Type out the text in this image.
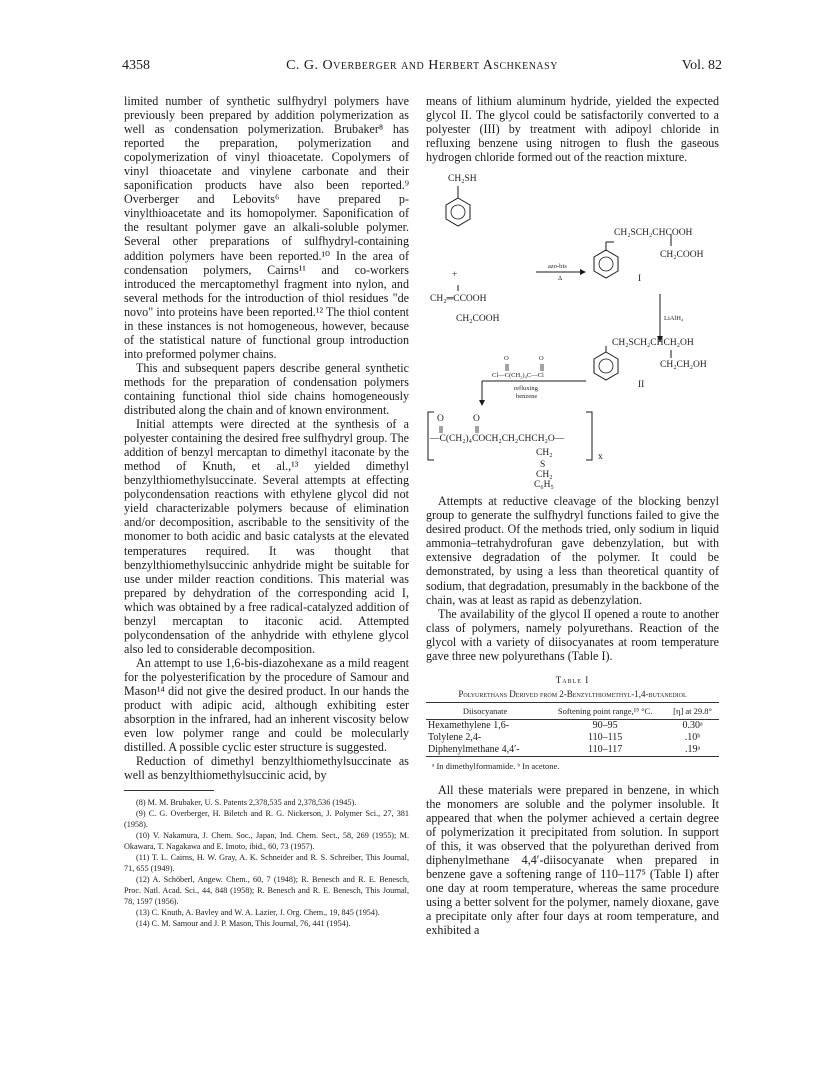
4358	C. G. Overberger and Herbert Aschkenasy	Vol. 82

limited number of synthetic sulfhydryl polymers have previously been prepared by addition polymerization as well as condensation polymerization. Brubaker⁸ has reported the preparation, polymerization and copolymerization of vinyl thioacetate. Copolymers of vinyl thioacetate and vinylene carbonate and their saponification products have also been reported.⁹ Overberger and Lebovits⁶ have prepared p-vinylthioacetate and its homopolymer. Saponification of the resultant polymer gave an alkali-soluble polymer. Several other preparations of sulfhydryl-containing addition polymers have been reported.¹⁰ In the area of condensation polymers, Cairns¹¹ and co-workers introduced the mercaptomethyl fragment into nylon, and several methods for the introduction of thiol residues "de novo" into proteins have been reported.¹² The thiol content in these instances is not homogeneous, however, because of the statistical nature of functional group introduction into preformed polymer chains.

This and subsequent papers describe general synthetic methods for the preparation of condensation polymers containing functional thiol side chains homogeneously distributed along the chain and of known environment.

Initial attempts were directed at the synthesis of a polyester containing the desired free sulfhydryl group. The addition of benzyl mercaptan to dimethyl itaconate by the method of Knuth, et al.,¹³ yielded dimethyl benzylthiomethylsuccinate. Several attempts at effecting polycondensation reactions with ethylene glycol did not yield characterizable polymers because of elimination and/or decomposition, ascribable to the sensitivity of the monomer to both acidic and basic catalysts at the elevated temperatures required. It was thought that benzylthiomethylsuccinic anhydride might be suitable for use under milder reaction conditions. This material was prepared by dehydration of the corresponding acid I, which was obtained by a free radical-catalyzed addition of benzyl mercaptan to itaconic acid. Attempted polycondensation of the anhydride with ethylene glycol also led to considerable decomposition.

An attempt to use 1,6-bis-diazohexane as a mild reagent for the polyesterification by the procedure of Samour and Mason¹⁴ did not give the desired product. In our hands the product with adipic acid, although exhibiting ester absorption in the infrared, had an inherent viscosity below even low polymer range and could be molecularly distilled. A possible cyclic ester structure is suggested.

Reduction of dimethyl benzylthiomethylsuccinate as well as benzylthiomethylsuccinic acid, by

(8) M. M. Brubaker, U. S. Patents 2,378,535 and 2,378,536 (1945).

(9) C. G. Overberger, H. Biletch and R. G. Nickerson, J. Polymer Sci., 27, 381 (1958).

(10) V. Nakamura, J. Chem. Soc., Japan, Ind. Chem. Sect., 58, 269 (1955); M. Okawara, T. Nagakawa and E. Imoto, ibid., 60, 73 (1957).

(11) T. L. Cairns, H. W. Gray, A. K. Schneider and R. S. Schreiber, This Journal, 71, 655 (1949).

(12) A. Schöberl, Angew. Chem., 60, 7 (1948); R. Benesch and R. E. Benesch, Proc. Natl. Acad. Sci., 44, 848 (1958); R. Benesch and R. E. Benesch, This Journal, 78, 1597 (1956).

(13) C. Knuth, A. Bavley and W. A. Lazier, J. Org. Chem., 19, 845 (1954).

(14) C. M. Samour and J. P. Mason, This Journal, 76, 441 (1954).

means of lithium aluminum hydride, yielded the expected glycol II. The glycol could be satisfactorily converted to a polyester (III) by treatment with adipoyl chloride in refluxing benzene using nitrogen to flush the gaseous hydrogen chloride formed out of the reaction mixture.

CH₂SH
+
CH₂═CCOOH
CH₂COOH
azo-bis
Δ
CH₂SCH₂CHCOOH
CH₂COOH
I
LiAlH₄
CH₂SCH₂CHCH₂OH
CH₂CH₂OH
II
O	O
Cl—C(CH₂)₄C—Cl
refluxing
benzene
O	O
—C(CH₂)₄COCH₂CH₂CHCH₂O—
CH₂	x
S
CH₂
C₆H₅

Attempts at reductive cleavage of the blocking benzyl group to generate the sulfhydryl functions failed to give the desired product. Of the methods tried, only sodium in liquid ammonia–tetrahydrofuran gave debenzylation, but with extensive degradation of the polymer. It could be demonstrated, by using a less than theoretical quantity of sodium, that degradation, presumably in the backbone of the chain, was at least as rapid as debenzylation.

The availability of the glycol II opened a route to another class of polymers, namely polyurethans. Reaction of the glycol with a variety of diisocyanates at room temperature gave three new polyurethans (Table I).

Table I
Polyurethans Derived from 2-Benzylthiomethyl-1,4-butanediol
Diisocyanate	Softening point range,¹⁵ °C.	[η] at 29.8°
Hexamethylene 1,6-	90–95	0.30ᵃ
Tolylene 2,4-	110–115	.10ᵇ
Diphenylmethane 4,4′-	110–117	.19ᵃ
ᵃ In dimethylformamide. ᵇ In acetone.

All these materials were prepared in benzene, in which the monomers are soluble and the polymer insoluble. It appeared that when the polymer achieved a certain degree of polymerization it precipitated from solution. In support of this, it was observed that the polyurethan derived from diphenylmethane 4,4′-diisocyanate when prepared in benzene gave a softening range of 110–117⁵ (Table I) after one day at room temperature, whereas the same procedure using a better solvent for the polymer, namely dioxane, gave a precipitate only after four days at room temperature, and exhibited a
